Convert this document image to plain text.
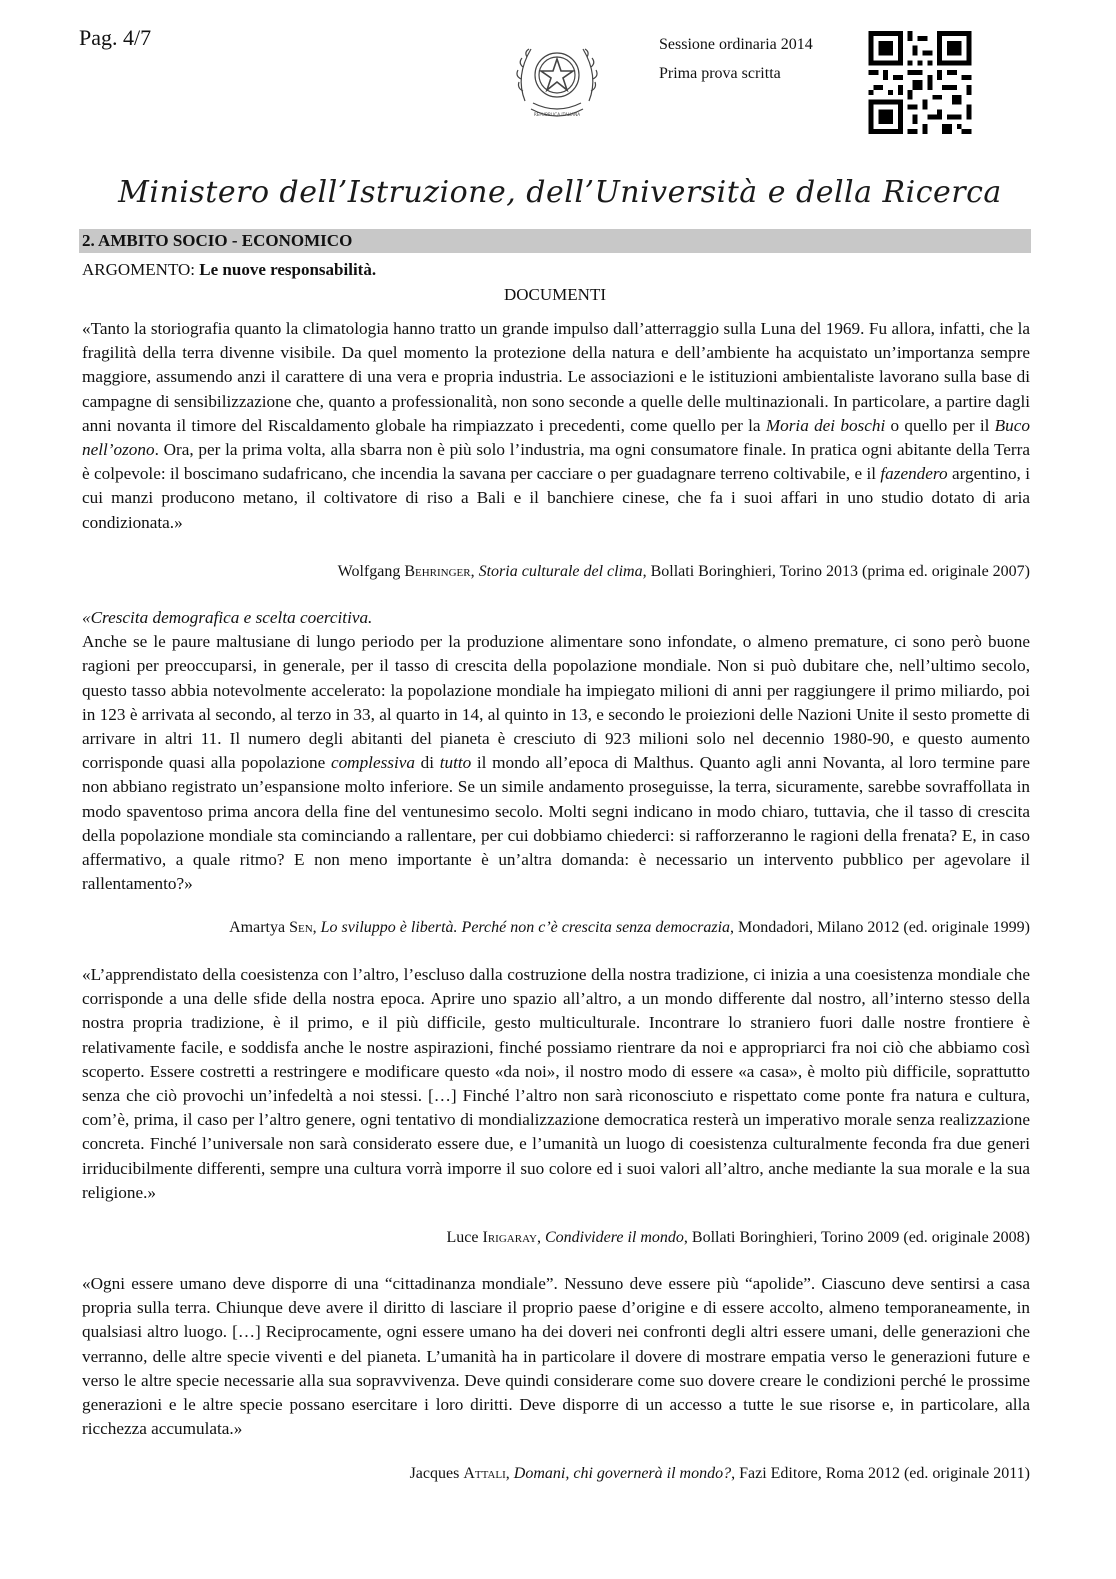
Pag. 4/7
REPUBBLICA ITALIANA
Sessione ordinaria 2014
Prima prova scritta
Ministero dell’Istruzione, dell’Università e della Ricerca
2. AMBITO SOCIO - ECONOMICO
ARGOMENTO: Le nuove responsabilità.
DOCUMENTI
«Tanto la storiografia quanto la climatologia hanno tratto un grande impulso dall’atterraggio sulla Luna del 1969. Fu allora, infatti, che la fragilità della terra divenne visibile. Da quel momento la protezione della natura e dell’ambiente ha acquistato un’importanza sempre maggiore, assumendo anzi il carattere di una vera e propria industria. Le associazioni e le istituzioni ambientaliste lavorano sulla base di campagne di sensibilizzazione che, quanto a professionalità, non sono seconde a quelle delle multinazionali. In particolare, a partire dagli anni novanta il timore del Riscaldamento globale ha rimpiazzato i precedenti, come quello per la Moria dei boschi o quello per il Buco nell’ozono. Ora, per la prima volta, alla sbarra non è più solo l’industria, ma ogni consumatore finale. In pratica ogni abitante della Terra è colpevole: il boscimano sudafricano, che incendia la savana per cacciare o per guadagnare terreno coltivabile, e il fazendero argentino, i cui manzi producono metano, il coltivatore di riso a Bali e il banchiere cinese, che fa i suoi affari in uno studio dotato di aria condizionata.»
Wolfgang Behringer, Storia culturale del clima, Bollati Boringhieri, Torino 2013 (prima ed. originale 2007)
«Crescita demografica e scelta coercitiva.
Anche se le paure maltusiane di lungo periodo per la produzione alimentare sono infondate, o almeno premature, ci sono però buone ragioni per preoccuparsi, in generale, per il tasso di crescita della popolazione mondiale. Non si può dubitare che, nell’ultimo secolo, questo tasso abbia notevolmente accelerato: la popolazione mondiale ha impiegato milioni di anni per raggiungere il primo miliardo, poi in 123 è arrivata al secondo, al terzo in 33, al quarto in 14, al quinto in 13, e secondo le proiezioni delle Nazioni Unite il sesto promette di arrivare in altri 11. Il numero degli abitanti del pianeta è cresciuto di 923 milioni solo nel decennio 1980-90, e questo aumento corrisponde quasi alla popolazione complessiva di tutto il mondo all’epoca di Malthus. Quanto agli anni Novanta, al loro termine pare non abbiano registrato un’espansione molto inferiore. Se un simile andamento proseguisse, la terra, sicuramente, sarebbe sovraffollata in modo spaventoso prima ancora della fine del ventunesimo secolo. Molti segni indicano in modo chiaro, tuttavia, che il tasso di crescita della popolazione mondiale sta cominciando a rallentare, per cui dobbiamo chiederci: si rafforzeranno le ragioni della frenata? E, in caso affermativo, a quale ritmo? E non meno importante è un’altra domanda: è necessario un intervento pubblico per agevolare il rallentamento?»
Amartya Sen, Lo sviluppo è libertà. Perché non c’è crescita senza democrazia, Mondadori, Milano 2012 (ed. originale 1999)
«L’apprendistato della coesistenza con l’altro, l’escluso dalla costruzione della nostra tradizione, ci inizia a una coesistenza mondiale che corrisponde a una delle sfide della nostra epoca. Aprire uno spazio all’altro, a un mondo differente dal nostro, all’interno stesso della nostra propria tradizione, è il primo, e il più difficile, gesto multiculturale. Incontrare lo straniero fuori dalle nostre frontiere è relativamente facile, e soddisfa anche le nostre aspirazioni, finché possiamo rientrare da noi e appropriarci fra noi ciò che abbiamo così scoperto. Essere costretti a restringere e modificare questo «da noi», il nostro modo di essere «a casa», è molto più difficile, soprattutto senza che ciò provochi un’infedeltà a noi stessi. […] Finché l’altro non sarà riconosciuto e rispettato come ponte fra natura e cultura, com’è, prima, il caso per l’altro genere, ogni tentativo di mondializzazione democratica resterà un imperativo morale senza realizzazione concreta. Finché l’universale non sarà considerato essere due, e l’umanità un luogo di coesistenza culturalmente feconda fra due generi irriducibilmente differenti, sempre una cultura vorrà imporre il suo colore ed i suoi valori all’altro, anche mediante la sua morale e la sua religione.»
Luce Irigaray, Condividere il mondo, Bollati Boringhieri, Torino 2009 (ed. originale 2008)
«Ogni essere umano deve disporre di una “cittadinanza mondiale”. Nessuno deve essere più “apolide”. Ciascuno deve sentirsi a casa propria sulla terra. Chiunque deve avere il diritto di lasciare il proprio paese d’origine e di essere accolto, almeno temporaneamente, in qualsiasi altro luogo. […] Reciprocamente, ogni essere umano ha dei doveri nei confronti degli altri essere umani, delle generazioni che verranno, delle altre specie viventi e del pianeta. L’umanità ha in particolare il dovere di mostrare empatia verso le generazioni future e verso le altre specie necessarie alla sua sopravvivenza. Deve quindi considerare come suo dovere creare le condizioni perché le prossime generazioni e le altre specie possano esercitare i loro diritti. Deve disporre di un accesso a tutte le sue risorse e, in particolare, alla ricchezza accumulata.»
Jacques Attali, Domani, chi governerà il mondo?, Fazi Editore, Roma 2012 (ed. originale 2011)
